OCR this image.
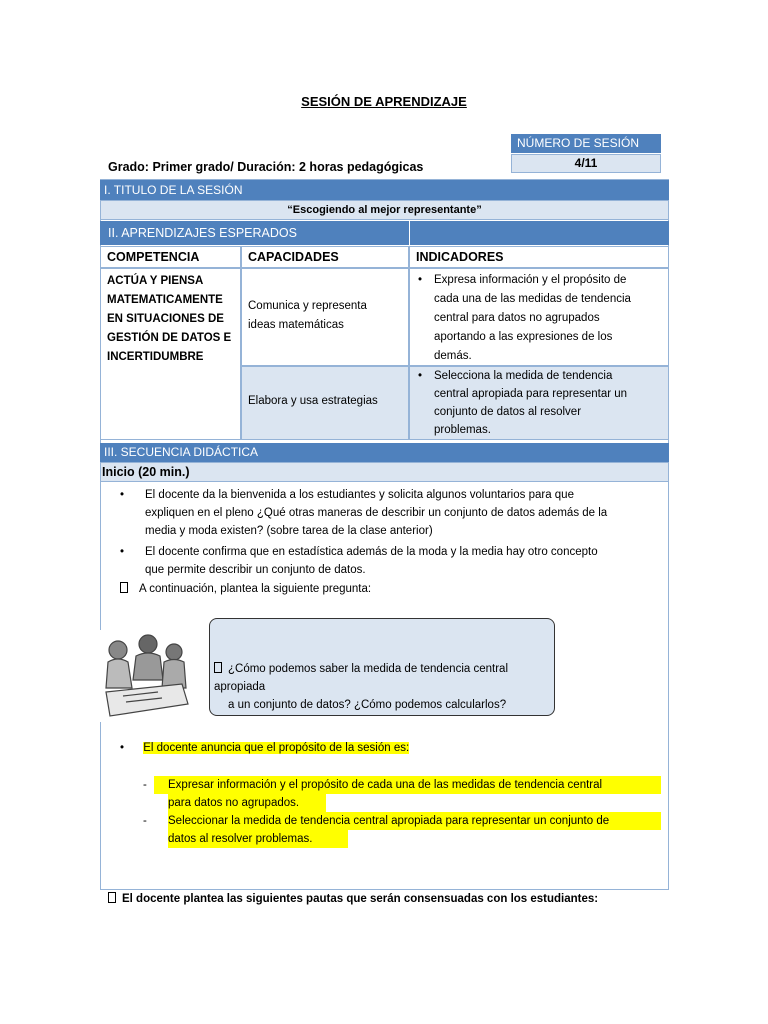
SESIÓN DE APRENDIZAJE
NÚMERO DE SESIÓN
4/11
Grado: Primer grado/ Duración: 2 horas pedagógicas
I. TITULO DE LA SESIÓN
“Escogiendo al mejor representante”
II. APRENDIZAJES ESPERADOS
COMPETENCIA	CAPACIDADES	INDICADORES
ACTÚA Y PIENSA
MATEMATICAMENTE
EN SITUACIONES DE
GESTIÓN DE DATOS E
INCERTIDUMBRE
Comunica y representa
ideas matemáticas
Elabora y usa estrategias
• Expresa información y el propósito de
cada una de las medidas de tendencia
central para datos no agrupados
aportando a las expresiones de los
demás.
• Selecciona la medida de tendencia
central apropiada para representar un
conjunto de datos al resolver
problemas.
III. SECUENCIA DIDÁCTICA
Inicio (20 min.)
• El docente da la bienvenida a los estudiantes y solicita algunos voluntarios para que
expliquen en el pleno ¿Qué otras maneras de describir un conjunto de datos además de la
media y moda existen? (sobre tarea de la clase anterior)
• El docente confirma que en estadística además de la moda y la media hay otro concepto
que permite describir un conjunto de datos.
A continuación, plantea la siguiente pregunta:
¿Cómo podemos saber la medida de tendencia central apropiada
a un conjunto de datos? ¿Cómo podemos calcularlos?
• El docente anuncia que el propósito de la sesión es:
- Expresar información y el propósito de cada una de las medidas de tendencia central
para datos no agrupados.
- Seleccionar la medida de tendencia central apropiada para representar un conjunto de
datos al resolver problemas.
El docente plantea las siguientes pautas que serán consensuadas con los estudiantes:
